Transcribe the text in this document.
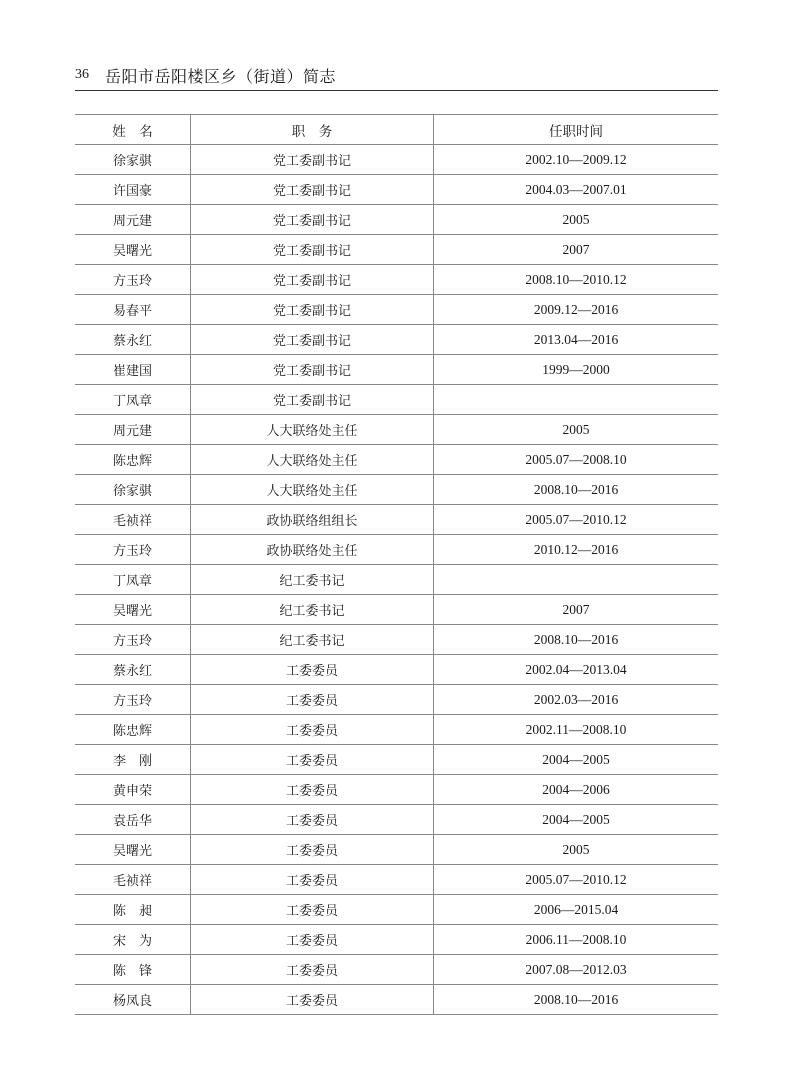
36 岳阳市岳阳楼区乡（街道）简志
姓　名	职　务	任职时间
徐家骐	党工委副书记	2002.10—2009.12
许国豪	党工委副书记	2004.03—2007.01
周元建	党工委副书记	2005
吴曙光	党工委副书记	2007
方玉玲	党工委副书记	2008.10—2010.12
易春平	党工委副书记	2009.12—2016
蔡永红	党工委副书记	2013.04—2016
崔建国	党工委副书记	1999—2000
丁凤章	党工委副书记	
周元建	人大联络处主任	2005
陈忠辉	人大联络处主任	2005.07—2008.10
徐家骐	人大联络处主任	2008.10—2016
毛祯祥	政协联络组组长	2005.07—2010.12
方玉玲	政协联络处主任	2010.12—2016
丁凤章	纪工委书记	
吴曙光	纪工委书记	2007
方玉玲	纪工委书记	2008.10—2016
蔡永红	工委委员	2002.04—2013.04
方玉玲	工委委员	2002.03—2016
陈忠辉	工委委员	2002.11—2008.10
李　刚	工委委员	2004—2005
黄申荣	工委委员	2004—2006
袁岳华	工委委员	2004—2005
吴曙光	工委委员	2005
毛祯祥	工委委员	2005.07—2010.12
陈　昶	工委委员	2006—2015.04
宋　为	工委委员	2006.11—2008.10
陈　锋	工委委员	2007.08—2012.03
杨凤良	工委委员	2008.10—2016
